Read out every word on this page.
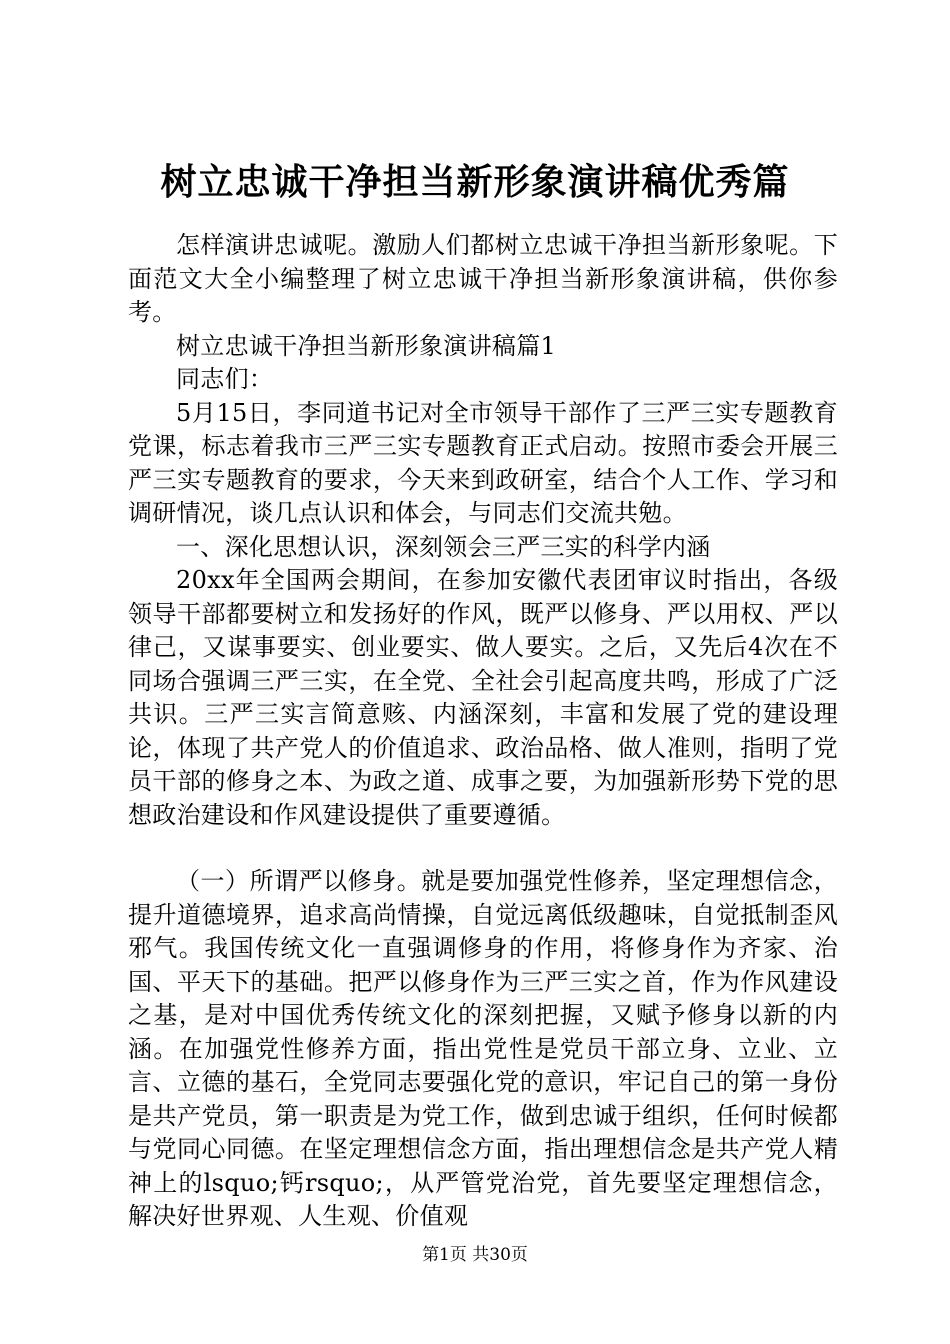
树立忠诚干净担当新形象演讲稿优秀篇

怎样演讲忠诚呢。激励人们都树立忠诚干净担当新形象呢。下面范文大全小编整理了树立忠诚干净担当新形象演讲稿，供你参考。

树立忠诚干净担当新形象演讲稿篇1

同志们：

5月15日，李同道书记对全市领导干部作了三严三实专题教育党课，标志着我市三严三实专题教育正式启动。按照市委会开展三严三实专题教育的要求，今天来到政研室，结合个人工作、学习和调研情况，谈几点认识和体会，与同志们交流共勉。

一、深化思想认识，深刻领会三严三实的科学内涵

20xx年全国两会期间，在参加安徽代表团审议时指出，各级领导干部都要树立和发扬好的作风，既严以修身、严以用权、严以律己，又谋事要实、创业要实、做人要实。之后，又先后4次在不同场合强调三严三实，在全党、全社会引起高度共鸣，形成了广泛共识。三严三实言简意赅、内涵深刻，丰富和发展了党的建设理论，体现了共产党人的价值追求、政治品格、做人准则，指明了党员干部的修身之本、为政之道、成事之要，为加强新形势下党的思想政治建设和作风建设提供了重要遵循。

（一）所谓严以修身。就是要加强党性修养，坚定理想信念，提升道德境界，追求高尚情操，自觉远离低级趣味，自觉抵制歪风邪气。我国传统文化一直强调修身的作用，将修身作为齐家、治国、平天下的基础。把严以修身作为三严三实之首，作为作风建设之基，是对中国优秀传统文化的深刻把握，又赋予修身以新的内涵。在加强党性修养方面，指出党性是党员干部立身、立业、立言、立德的基石，全党同志要强化党的意识，牢记自己的第一身份是共产党员，第一职责是为党工作，做到忠诚于组织，任何时候都与党同心同德。在坚定理想信念方面，指出理想信念是共产党人精神上的lsquo;钙rsquo;，从严管党治党，首先要坚定理想信念，解决好世界观、人生观、价值观

第1页 共30页
